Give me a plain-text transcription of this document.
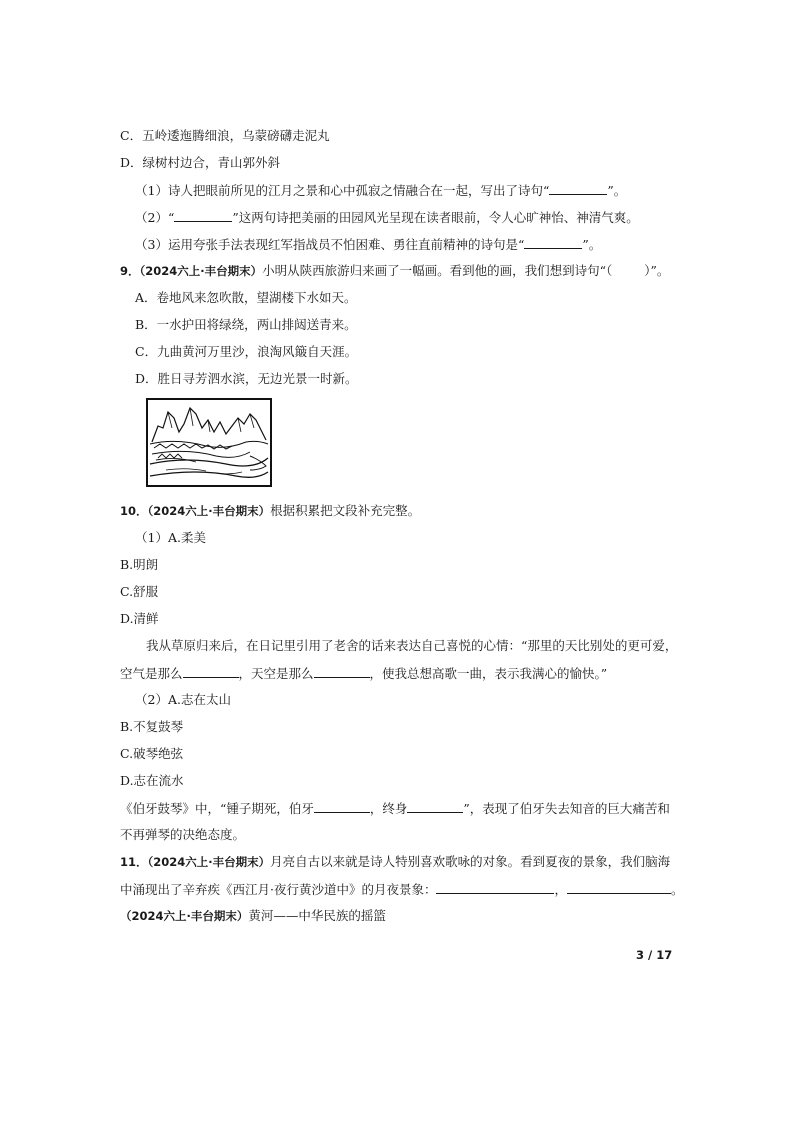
C．五岭逶迤腾细浪，乌蒙磅礴走泥丸
D．绿树村边合，青山郭外斜
（1）诗人把眼前所见的江月之景和心中孤寂之情融合在一起，写出了诗句“	”。
（2）“	”这两句诗把美丽的田园风光呈现在读者眼前，令人心旷神怡、神清气爽。
（3）运用夸张手法表现红军指战员不怕困难、勇往直前精神的诗句是“	”。
9．（2024六上·丰台期末）小明从陕西旅游归来画了一幅画。看到他的画，我们想到诗句“（	）”。
A．卷地风来忽吹散，望湖楼下水如天。
B．一水护田将绿绕，两山排闼送青来。
C．九曲黄河万里沙，浪淘风簸自天涯。
D．胜日寻芳泗水滨，无边光景一时新。
10．（2024六上·丰台期末）根据积累把文段补充完整。
（1）A.柔美
B.明朗
C.舒服
D.清鲜
我从草原归来后，在日记里引用了老舍的话来表达自己喜悦的心情：“那里的天比别处的更可爱，
空气是那么	，天空是那么	，使我总想高歌一曲，表示我满心的愉快。”
（2）A.志在太山
B.不复鼓琴
C.破琴绝弦
D.志在流水
《伯牙鼓琴》中，“锺子期死，伯牙	，终身	”，表现了伯牙失去知音的巨大痛苦和
不再弹琴的决绝态度。
11．（2024六上·丰台期末）月亮自古以来就是诗人特别喜欢歌咏的对象。看到夏夜的景象，我们脑海
中涌现出了辛弃疾《西江月·夜行黄沙道中》的月夜景象：	，	。
（2024六上·丰台期末）黄河——中华民族的摇篮
3 / 17
